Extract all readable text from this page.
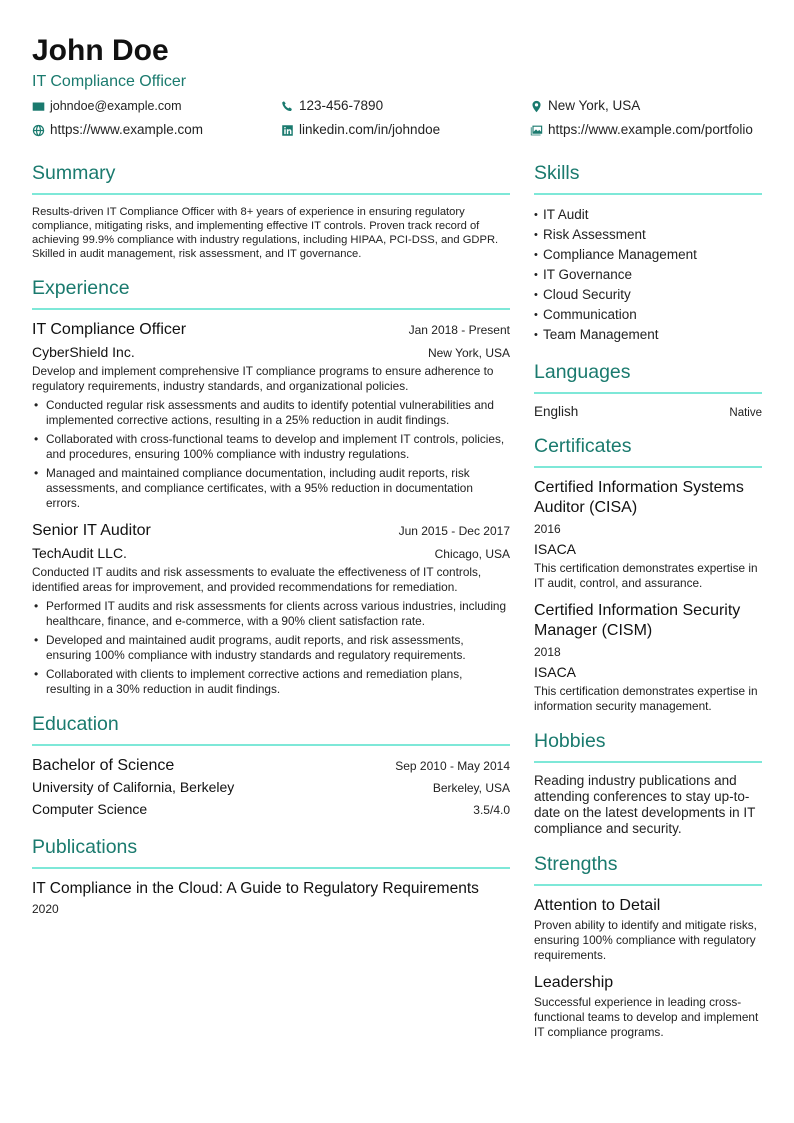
John Doe
IT Compliance Officer
johndoe@example.com	123-456-7890	New York, USA
https://www.example.com	linkedin.com/in/johndoe	https://www.example.com/portfolio
Summary

Results-driven IT Compliance Officer with 8+ years of experience in ensuring regulatory compliance, mitigating risks, and implementing effective IT controls. Proven track record of achieving 99.9% compliance with industry regulations, including HIPAA, PCI-DSS, and GDPR. Skilled in audit management, risk assessment, and IT governance.

Experience
IT Compliance Officer	Jan 2018 - Present
CyberShield Inc.	New York, USA

Develop and implement comprehensive IT compliance programs to ensure adherence to regulatory requirements, industry standards, and organizational policies.

• Conducted regular risk assessments and audits to identify potential vulnerabilities and implemented corrective actions, resulting in a 25% reduction in audit findings.
• Collaborated with cross-functional teams to develop and implement IT controls, policies, and procedures, ensuring 100% compliance with industry regulations.
• Managed and maintained compliance documentation, including audit reports, risk assessments, and compliance certificates, with a 95% reduction in documentation errors.
Senior IT Auditor	Jun 2015 - Dec 2017
TechAudit LLC.	Chicago, USA

Conducted IT audits and risk assessments to evaluate the effectiveness of IT controls, identified areas for improvement, and provided recommendations for remediation.

• Performed IT audits and risk assessments for clients across various industries, including healthcare, finance, and e-commerce, with a 90% client satisfaction rate.
• Developed and maintained audit programs, audit reports, and risk assessments, ensuring 100% compliance with industry standards and regulatory requirements.
• Collaborated with clients to implement corrective actions and remediation plans, resulting in a 30% reduction in audit findings.
Education
Bachelor of Science	Sep 2010 - May 2014
University of California, Berkeley	Berkeley, USA
Computer Science	3.5/4.0
Publications
IT Compliance in the Cloud: A Guide to Regulatory Requirements
2020
Skills
• IT Audit
• Risk Assessment
• Compliance Management
• IT Governance
• Cloud Security
• Communication
• Team Management
Languages
English	Native
Certificates
Certified Information Systems Auditor (CISA)
2016
ISACA

This certification demonstrates expertise in IT audit, control, and assurance.

Certified Information Security Manager (CISM)
2018
ISACA

This certification demonstrates expertise in information security management.

Hobbies

Reading industry publications and attending conferences to stay up-to-date on the latest developments in IT compliance and security.

Strengths
Attention to Detail

Proven ability to identify and mitigate risks, ensuring 100% compliance with regulatory requirements.

Leadership

Successful experience in leading cross-functional teams to develop and implement IT compliance programs.
